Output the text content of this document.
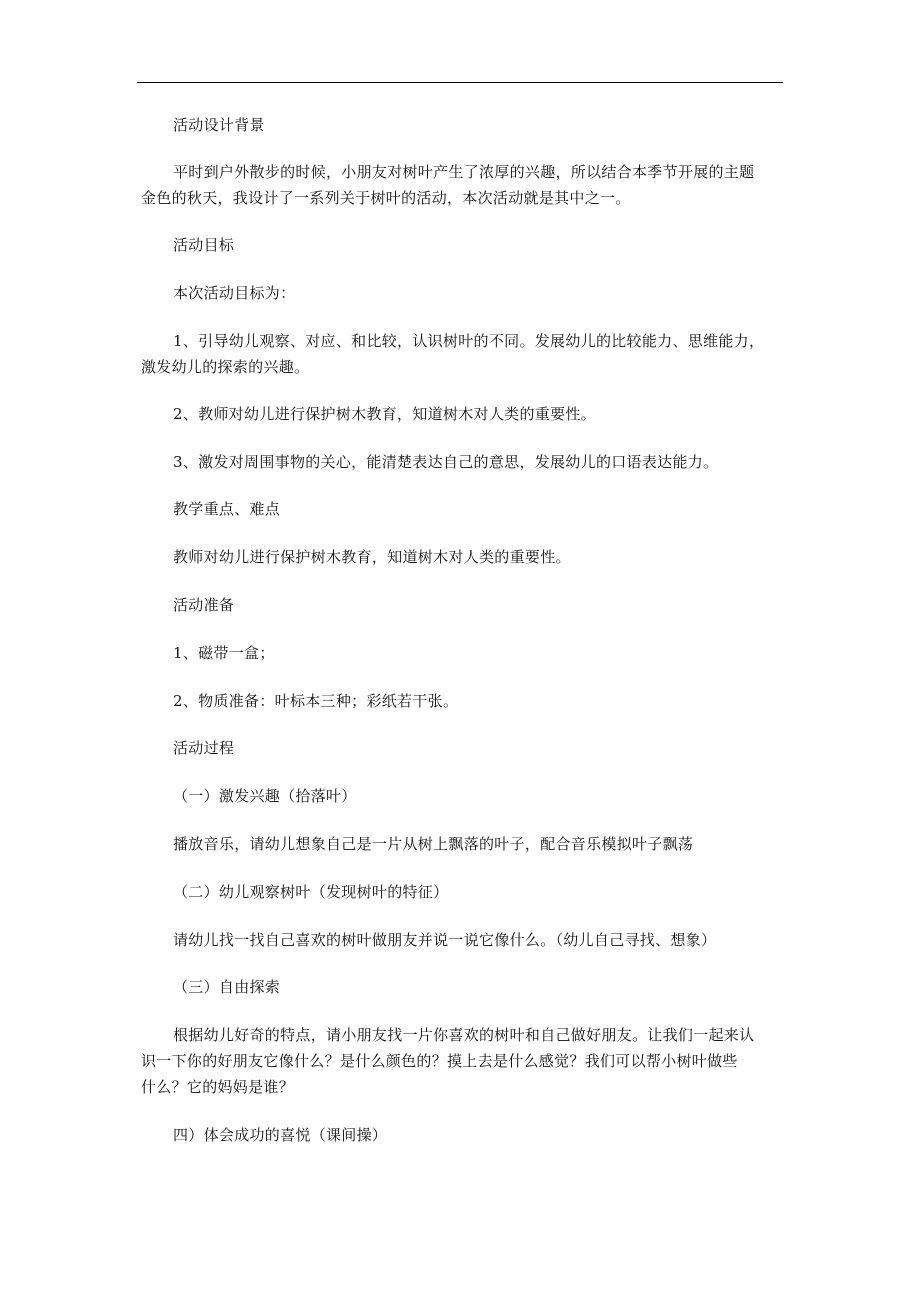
活动设计背景
平时到户外散步的时候，小朋友对树叶产生了浓厚的兴趣，所以结合本季节开展的主题
金色的秋天，我设计了一系列关于树叶的活动，本次活动就是其中之一。
活动目标
本次活动目标为：
1、引导幼儿观察、对应、和比较，认识树叶的不同。发展幼儿的比较能力、思维能力，
激发幼儿的探索的兴趣。
2、教师对幼儿进行保护树木教育，知道树木对人类的重要性。
3、激发对周围事物的关心，能清楚表达自己的意思，发展幼儿的口语表达能力。
教学重点、难点
教师对幼儿进行保护树木教育，知道树木对人类的重要性。
活动准备
1、磁带一盒；
2、物质准备：叶标本三种；彩纸若干张。
活动过程
（一）激发兴趣（拾落叶）
播放音乐，请幼儿想象自己是一片从树上飘落的叶子，配合音乐模拟叶子飘荡
（二）幼儿观察树叶（发现树叶的特征）
请幼儿找一找自己喜欢的树叶做朋友并说一说它像什么。（幼儿自己寻找、想象）
（三）自由探索
根据幼儿好奇的特点，请小朋友找一片你喜欢的树叶和自己做好朋友。让我们一起来认
识一下你的好朋友它像什么？是什么颜色的？摸上去是什么感觉？我们可以帮小树叶做些
什么？它的妈妈是谁？
四）体会成功的喜悦（课间操）
